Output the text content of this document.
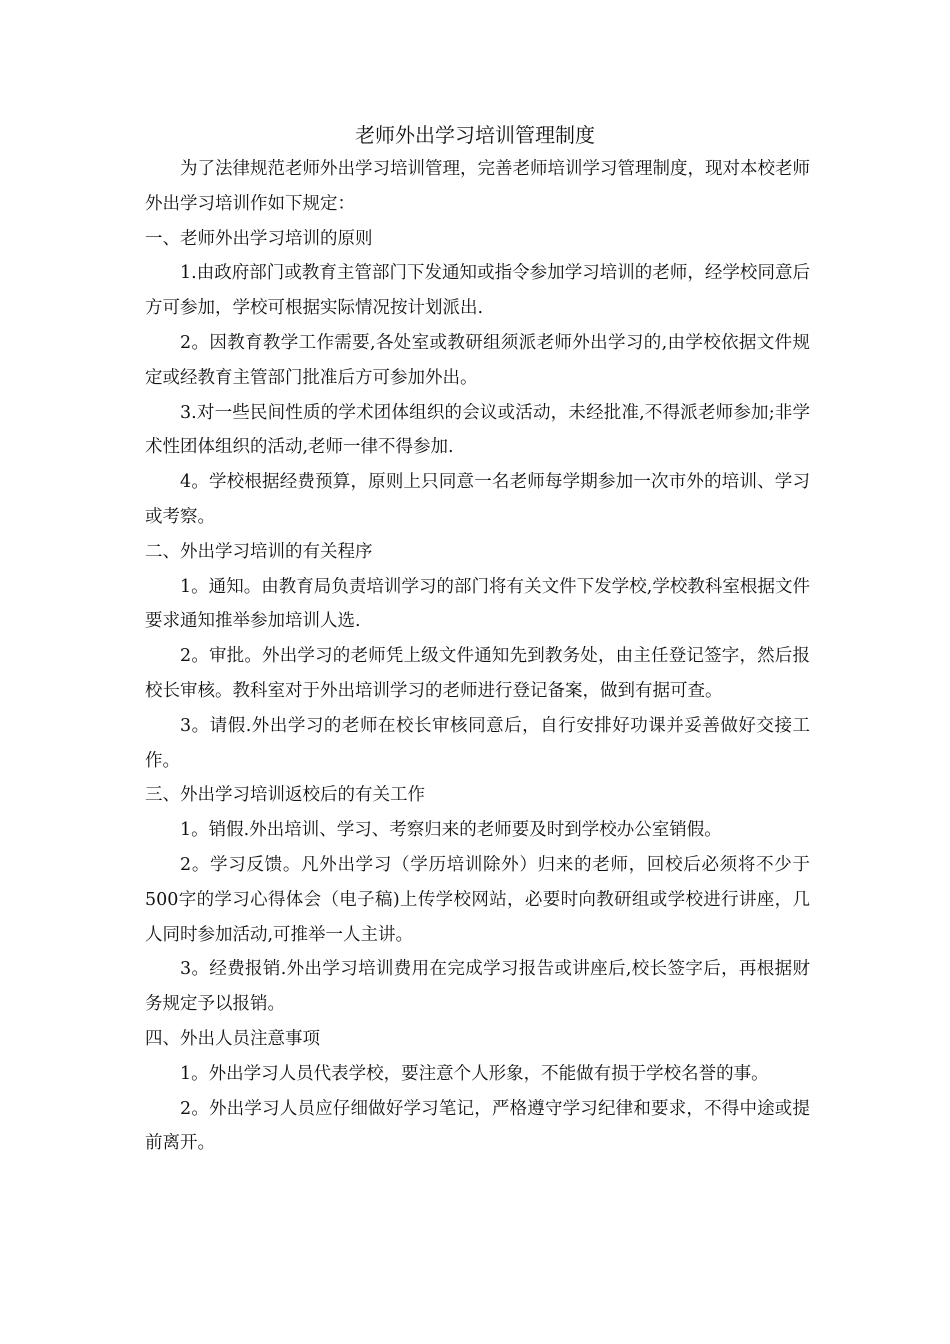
老师外出学习培训管理制度

为了法律规范老师外出学习培训管理，完善老师培训学习管理制度，现对本校老师外出学习培训作如下规定：

一、老师外出学习培训的原则

1.由政府部门或教育主管部门下发通知或指令参加学习培训的老师，经学校同意后方可参加，学校可根据实际情况按计划派出.

2。因教育教学工作需要,各处室或教研组须派老师外出学习的,由学校依据文件规定或经教育主管部门批准后方可参加外出。

3.对一些民间性质的学术团体组织的会议或活动，未经批准,不得派老师参加;非学术性团体组织的活动,老师一律不得参加.

4。学校根据经费预算，原则上只同意一名老师每学期参加一次市外的培训、学习或考察。

二、外出学习培训的有关程序

1。通知。由教育局负责培训学习的部门将有关文件下发学校,学校教科室根据文件要求通知推举参加培训人选.

2。审批。外出学习的老师凭上级文件通知先到教务处，由主任登记签字，然后报校长审核。教科室对于外出培训学习的老师进行登记备案，做到有据可查。

3。请假.外出学习的老师在校长审核同意后，自行安排好功课并妥善做好交接工作。

三、外出学习培训返校后的有关工作

1。销假.外出培训、学习、考察归来的老师要及时到学校办公室销假。

2。学习反馈。凡外出学习（学历培训除外）归来的老师，回校后必须将不少于500字的学习心得体会（电子稿)上传学校网站，必要时向教研组或学校进行讲座，几人同时参加活动,可推举一人主讲。

3。经费报销.外出学习培训费用在完成学习报告或讲座后,校长签字后，再根据财务规定予以报销。

四、外出人员注意事项

1。外出学习人员代表学校，要注意个人形象，不能做有损于学校名誉的事。

2。外出学习人员应仔细做好学习笔记，严格遵守学习纪律和要求，不得中途或提前离开。
